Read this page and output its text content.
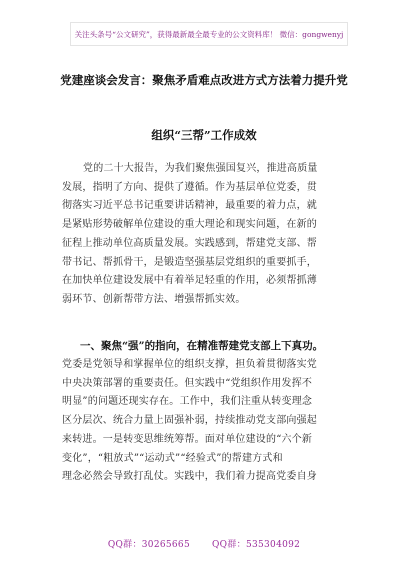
关注头条号“公文研究”，获得最新最全最专业的公文资料库！ 微信：gongwenyj
党建座谈会发言：聚焦矛盾难点改进方式方法着力提升党
组织“三帮”工作成效
党的二十大报告，为我们聚焦强国复兴，推进高质量
发展，指明了方向、提供了遵循。作为基层单位党委，贯
彻落实习近平总书记重要讲话精神，最重要的着力点，就
是紧贴形势破解单位建设的重大理论和现实问题，在新的
征程上推动单位高质量发展。实践感到，帮建党支部、帮
带书记、帮抓骨干，是锻造坚强基层党组织的重要抓手，
在加快单位建设发展中有着举足轻重的作用，必须帮抓薄
弱环节、创新帮带方法、增强帮抓实效。
一、聚焦“强”的指向，在精准帮建党支部上下真功。
党委是党领导和掌握单位的组织支撑，担负着贯彻落实党
中央决策部署的重要责任。但实践中“党组织作用发挥不
明显”的问题还现实存在。工作中，我们注重从转变理念
区分层次、统合力量上固强补弱，持续推动党支部向强起
来转进。一是转变思维统筹帮。面对单位建设的“六个新
变化”，“粗放式”“运动式”“经验式”的帮建方式和
理念必然会导致打乱仗。实践中，我们着力提高党委自身
QQ群：30265665 QQ群：535304092
